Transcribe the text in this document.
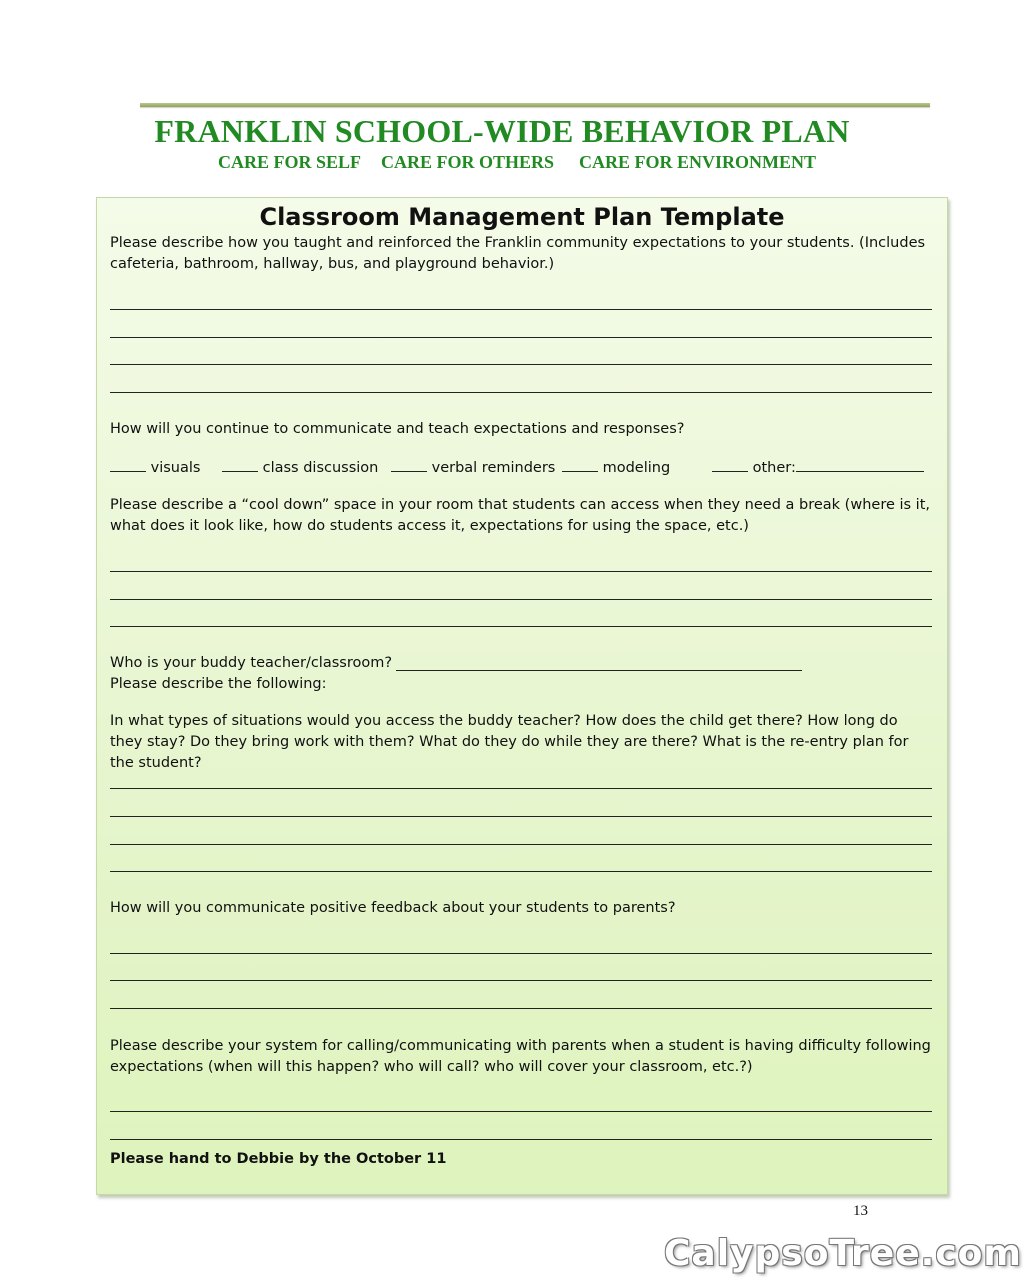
FRANKLIN SCHOOL-WIDE BEHAVIOR PLAN
CARE FOR SELF CARE FOR OTHERS CARE FOR ENVIRONMENT
Classroom Management Plan Template
Please describe how you taught and reinforced the Franklin community expectations to your students. (Includes cafeteria, bathroom, hallway, bus, and playground behavior.)
How will you continue to communicate and teach expectations and responses?
visuals	class discussion	verbal reminders	modeling	other:
Please describe a “cool down” space in your room that students can access when they need a break (where is it, what does it look like, how do students access it, expectations for using the space, etc.)
Who is your buddy teacher/classroom?
Please describe the following:
In what types of situations would you access the buddy teacher? How does the child get there? How long do they stay? Do they bring work with them? What do they do while they are there? What is the re-entry plan for the student?
How will you communicate positive feedback about your students to parents?
Please describe your system for calling/communicating with parents when a student is having difficulty following expectations (when will this happen? who will call? who will cover your classroom, etc.?)
Please hand to Debbie by the October 11
13
CalypsoTree.com
